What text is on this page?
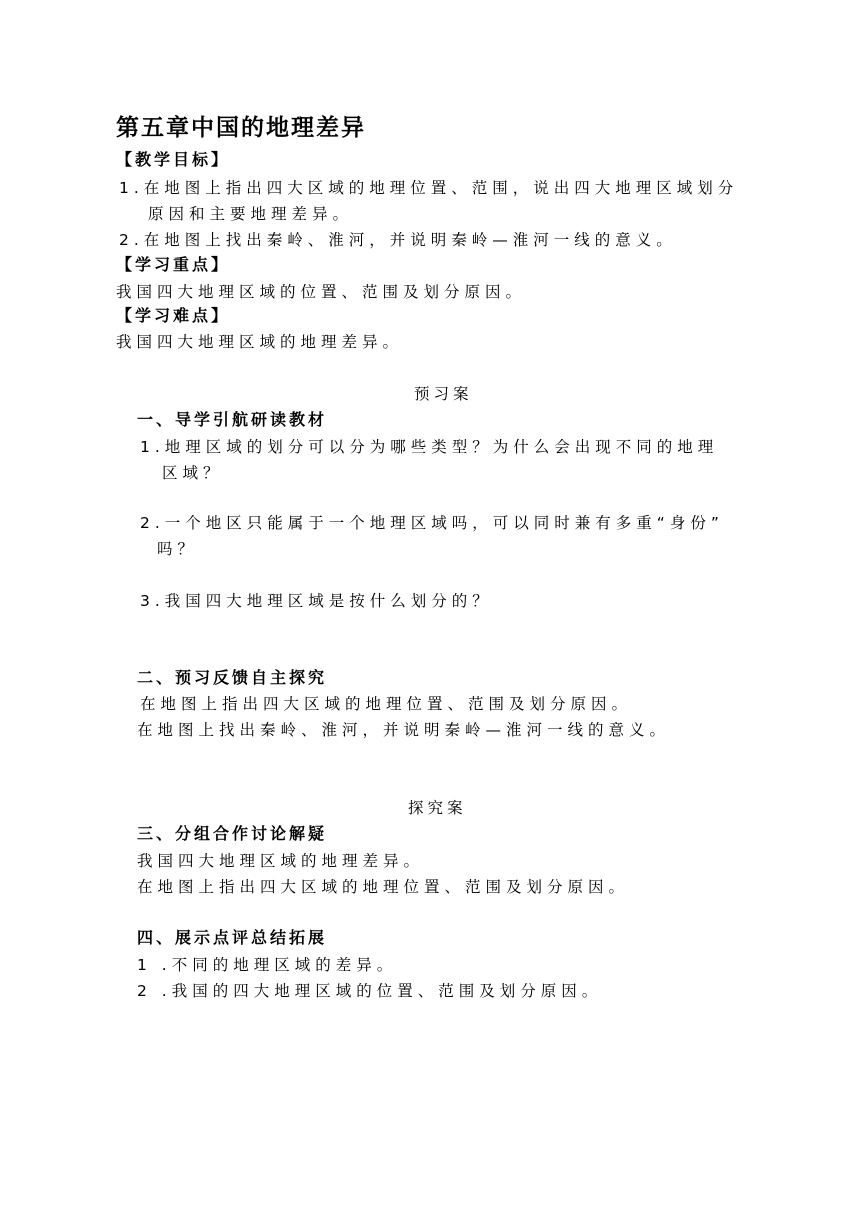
第五章中国的地理差异
【教学目标】
1.在地图上指出四大区域的地理位置、范围，说出四大地理区域划分
原因和主要地理差异。
2.在地图上找出秦岭、淮河，并说明秦岭—淮河一线的意义。
【学习重点】
我国四大地理区域的位置、范围及划分原因。
【学习难点】
我国四大地理区域的地理差异。
预习案
一、导学引航研读教材
1.地理区域的划分可以分为哪些类型？为什么会出现不同的地理
区域？
2.一个地区只能属于一个地理区域吗，可以同时兼有多重“身份”
吗？
3.我国四大地理区域是按什么划分的？
二、预习反馈自主探究
在地图上指出四大区域的地理位置、范围及划分原因。
在地图上找出秦岭、淮河，并说明秦岭—淮河一线的意义。
探究案
三、分组合作讨论解疑
我国四大地理区域的地理差异。
在地图上指出四大区域的地理位置、范围及划分原因。
四、展示点评总结拓展
1 .不同的地理区域的差异。
2 .我国的四大地理区域的位置、范围及划分原因。
